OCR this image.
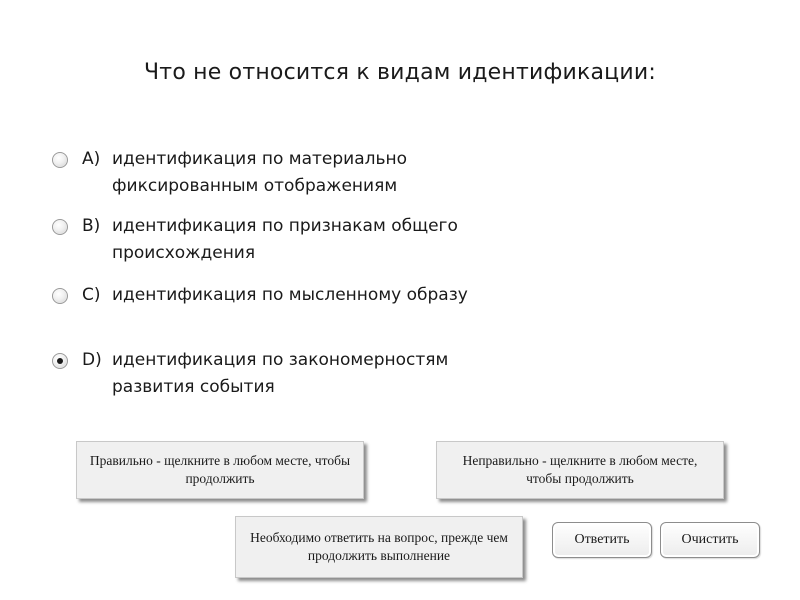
Что не относится к видам идентификации:
A) идентификация по материально
фиксированным отображениям
B) идентификация по признакам общего
происхождения
C) идентификация по мысленному образу
D) идентификация по закономерностям
развития события
Правильно - щелкните в любом месте, чтобы продолжить
Неправильно - щелкните в любом месте, чтобы продолжить
Необходимо ответить на вопрос, прежде чем продолжить выполнение
Ответить	Очистить
